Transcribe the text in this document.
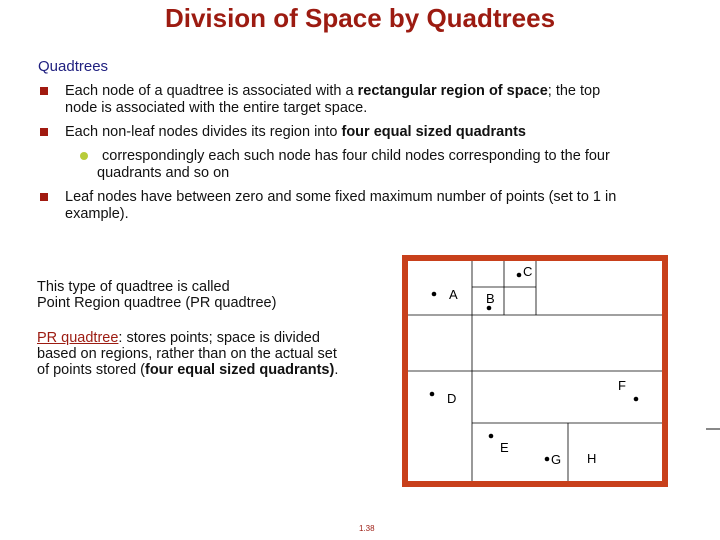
Division of Space by Quadtrees
Quadtrees
Each node of a quadtree is associated with a rectangular region of space; the top
node is associated with the entire target space.
Each non-leaf nodes divides its region into four equal sized quadrants
correspondingly each such node has four child nodes corresponding to the four
quadrants and so on
Leaf nodes have between zero and some fixed maximum number of points (set to 1 in
example).
This type of quadtree is called
Point Region quadtree (PR quadtree)
PR quadtree: stores points; space is divided
based on regions, rather than on the actual set
of points stored (four equal sized quadrants).
A B
C
D
F
E
G H
1.38
